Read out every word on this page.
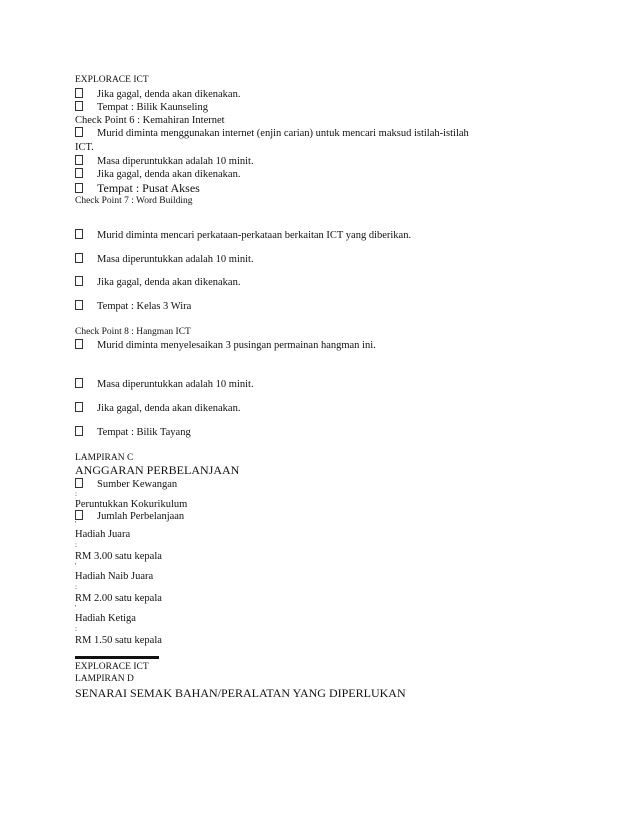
EXPLORACE ICT
Jika gagal, denda akan dikenakan.
Tempat : Bilik Kaunseling
Check Point 6 : Kemahiran Internet
Murid diminta menggunakan internet (enjin carian) untuk mencari maksud istilah-istilah
ICT.
Masa diperuntukkan adalah 10 minit.
Jika gagal, denda akan dikenakan.
Tempat : Pusat Akses
Check Point 7 : Word Building
Murid diminta mencari perkataan-perkataan berkaitan ICT yang diberikan.
Masa diperuntukkan adalah 10 minit.
Jika gagal, denda akan dikenakan.
Tempat : Kelas 3 Wira
Check Point 8 : Hangman ICT
Murid diminta menyelesaikan 3 pusingan permainan hangman ini.
Masa diperuntukkan adalah 10 minit.
Jika gagal, denda akan dikenakan.
Tempat : Bilik Tayang
LAMPIRAN C
ANGGARAN PERBELANJAAN
Sumber Kewangan
:
Peruntukkan Kokurikulum
Jumlah Perbelanjaan
'
Hadiah Juara
:
RM 3.00 satu kepala
'
Hadiah Naib Juara
:
RM 2.00 satu kepala
'
Hadiah Ketiga
:
RM 1.50 satu kepala
EXPLORACE ICT
LAMPIRAN D
SENARAI SEMAK BAHAN/PERALATAN YANG DIPERLUKAN
